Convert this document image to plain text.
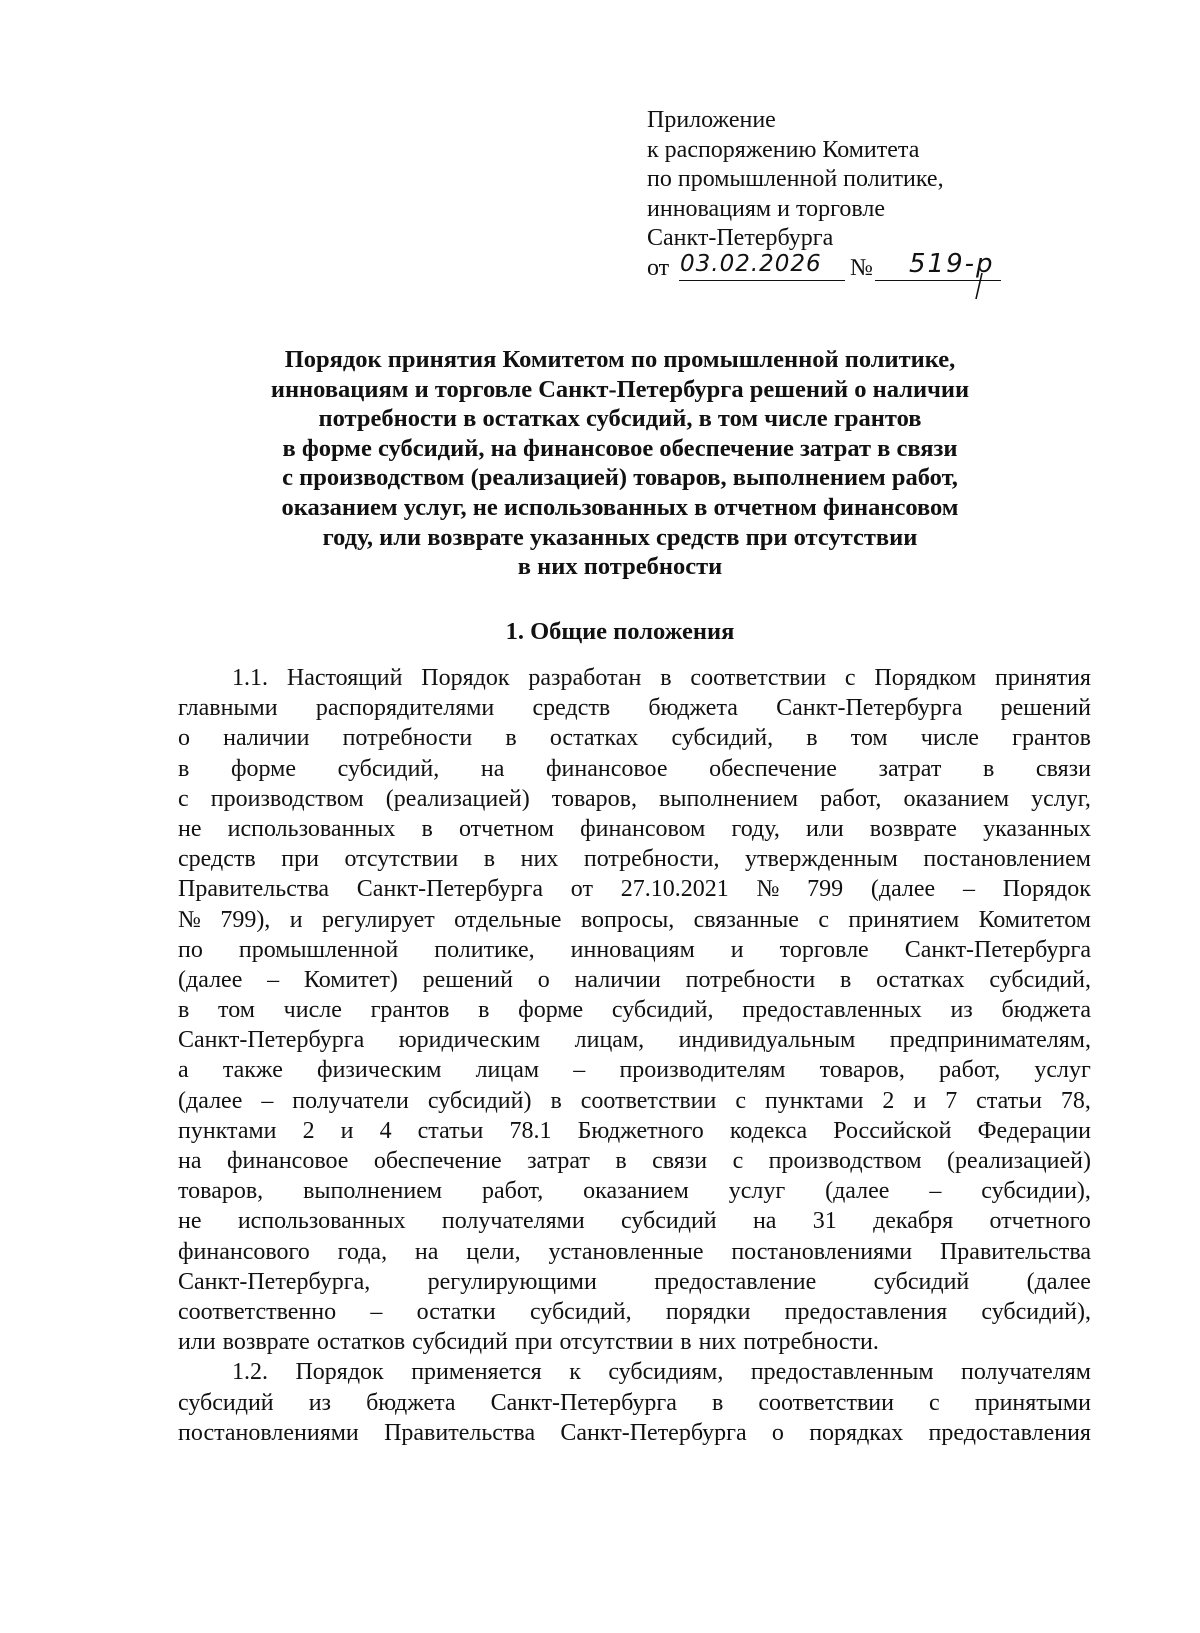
Приложение
к распоряжению Комитета
по промышленной политике,
инновациям и торговле
Санкт-Петербурга
от 03.02.2026 № 519-р
Порядок принятия Комитетом по промышленной политике,
инновациям и торговле Санкт-Петербурга решений о наличии
потребности в остатках субсидий, в том числе грантов
в форме субсидий, на финансовое обеспечение затрат в связи
с производством (реализацией) товаров, выполнением работ,
оказанием услуг, не использованных в отчетном финансовом
году, или возврате указанных средств при отсутствии
в них потребности
1. Общие положения
1.1. Настоящий Порядок разработан в соответствии с Порядком принятия
главными распорядителями средств бюджета Санкт-Петербурга решений
о наличии потребности в остатках субсидий, в том числе грантов
в форме субсидий, на финансовое обеспечение затрат в связи
с производством (реализацией) товаров, выполнением работ, оказанием услуг,
не использованных в отчетном финансовом году, или возврате указанных
средств при отсутствии в них потребности, утвержденным постановлением
Правительства Санкт-Петербурга от 27.10.2021 № 799 (далее – Порядок
№ 799), и регулирует отдельные вопросы, связанные с принятием Комитетом
по промышленной политике, инновациям и торговле Санкт-Петербурга
(далее – Комитет) решений о наличии потребности в остатках субсидий,
в том числе грантов в форме субсидий, предоставленных из бюджета
Санкт-Петербурга юридическим лицам, индивидуальным предпринимателям,
а также физическим лицам – производителям товаров, работ, услуг
(далее – получатели субсидий) в соответствии с пунктами 2 и 7 статьи 78,
пунктами 2 и 4 статьи 78.1 Бюджетного кодекса Российской Федерации
на финансовое обеспечение затрат в связи с производством (реализацией)
товаров, выполнением работ, оказанием услуг (далее – субсидии),
не использованных получателями субсидий на 31 декабря отчетного
финансового года, на цели, установленные постановлениями Правительства
Санкт-Петербурга, регулирующими предоставление субсидий (далее
соответственно – остатки субсидий, порядки предоставления субсидий),
или возврате остатков субсидий при отсутствии в них потребности.
1.2. Порядок применяется к субсидиям, предоставленным получателям
субсидий из бюджета Санкт-Петербурга в соответствии с принятыми
постановлениями Правительства Санкт-Петербурга о порядках предоставления
